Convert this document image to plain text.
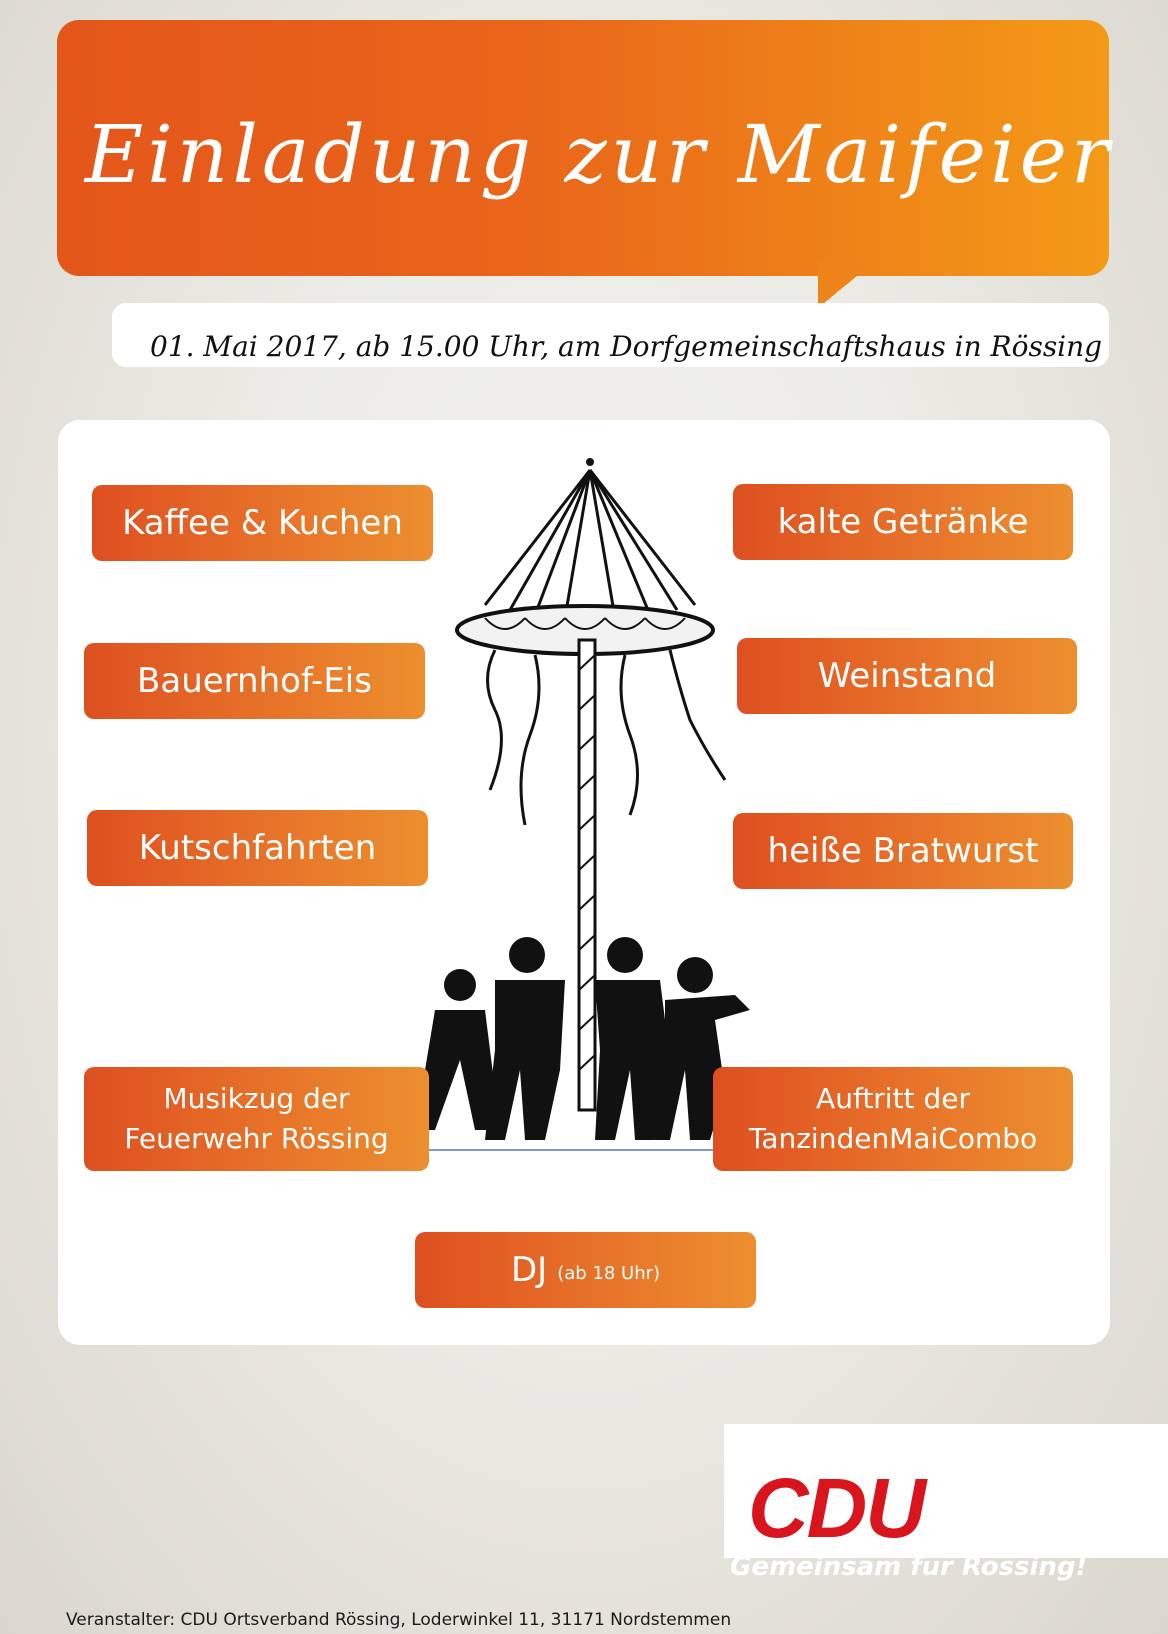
Einladung zur Maifeier

01. Mai 2017, ab 15.00 Uhr, am Dorfgemeinschaftshaus in Rössing

Kaffee & Kuchen	kalte Getränke
Bauernhof-Eis	Weinstand
Kutschfahrten	heiße Bratwurst
Musikzug der
Feuerwehr Rössing
Auftritt der
TanzindenMaiCombo
DJ (ab 18 Uhr)

CDU

Gemeinsam für Rössing!

Veranstalter: CDU Ortsverband Rössing, Loderwinkel 11, 31171 Nordstemmen
